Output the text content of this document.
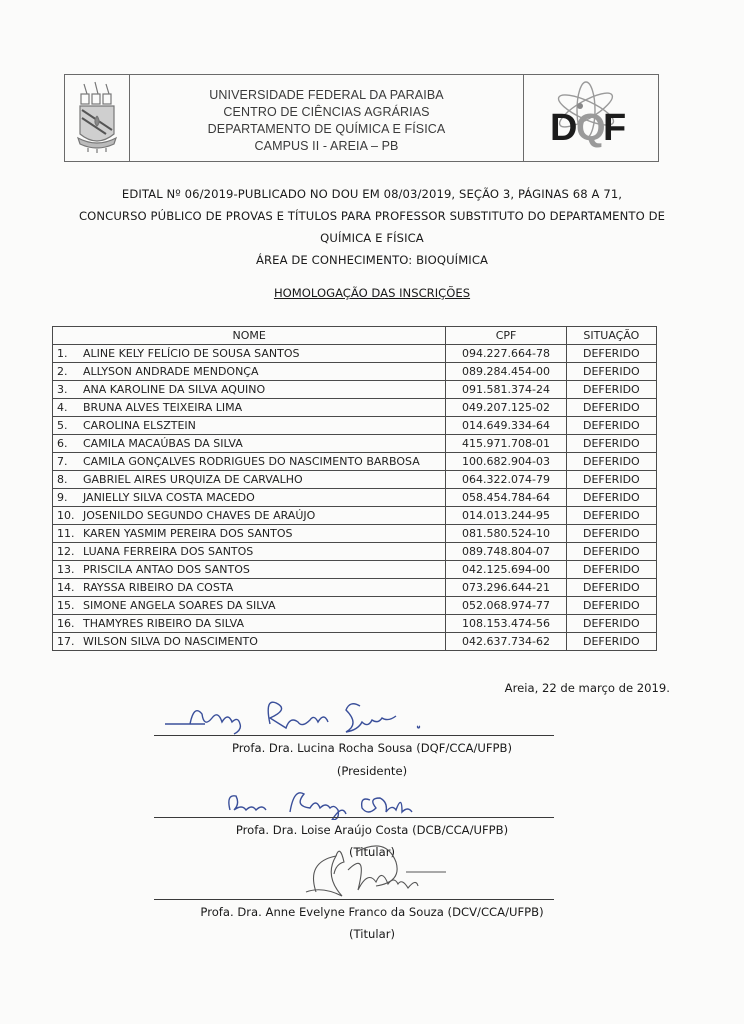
UNIVERSIDADE FEDERAL DA PARAIBA
CENTRO DE CIÊNCIAS AGRÁRIAS
DEPARTAMENTO DE QUÍMICA E FÍSICA
CAMPUS II - AREIA – PB	D
Q
F
EDITAL Nº 06/2019-PUBLICADO NO DOU EM 08/03/2019, SEÇÃO 3, PÁGINAS 68 A 71,
CONCURSO PÚBLICO DE PROVAS E TÍTULOS PARA PROFESSOR SUBSTITUTO DO DEPARTAMENTO DE
QUÍMICA E FÍSICA
ÁREA DE CONHECIMENTO: BIOQUÍMICA
HOMOLOGAÇÃO DAS INSCRIÇÕES
NOME	CPF	SITUAÇÃO
1. ALINE KELY FELÍCIO DE SOUSA SANTOS	094.227.664-78	DEFERIDO
2. ALLYSON ANDRADE MENDONÇA	089.284.454-00	DEFERIDO
3. ANA KAROLINE DA SILVA AQUINO	091.581.374-24	DEFERIDO
4. BRUNA ALVES TEIXEIRA LIMA	049.207.125-02	DEFERIDO
5. CAROLINA ELSZTEIN	014.649.334-64	DEFERIDO
6. CAMILA MACAÚBAS DA SILVA	415.971.708-01	DEFERIDO
7. CAMILA GONÇALVES RODRIGUES DO NASCIMENTO BARBOSA	100.682.904-03	DEFERIDO
8. GABRIEL AIRES URQUIZA DE CARVALHO	064.322.074-79	DEFERIDO
9. JANIELLY SILVA COSTA MACEDO	058.454.784-64	DEFERIDO
10. JOSENILDO SEGUNDO CHAVES DE ARAÚJO	014.013.244-95	DEFERIDO
11. KAREN YASMIM PEREIRA DOS SANTOS	081.580.524-10	DEFERIDO
12. LUANA FERREIRA DOS SANTOS	089.748.804-07	DEFERIDO
13. PRISCILA ANTAO DOS SANTOS	042.125.694-00	DEFERIDO
14. RAYSSA RIBEIRO DA COSTA	073.296.644-21	DEFERIDO
15. SIMONE ANGELA SOARES DA SILVA	052.068.974-77	DEFERIDO
16. THAMYRES RIBEIRO DA SILVA	108.153.474-56	DEFERIDO
17. WILSON SILVA DO NASCIMENTO	042.637.734-62	DEFERIDO
Areia, 22 de março de 2019.
Profa. Dra. Lucina Rocha Sousa (DQF/CCA/UFPB)
(Presidente)
Profa. Dra. Loise Araújo Costa (DCB/CCA/UFPB)
(Titular)
Profa. Dra. Anne Evelyne Franco da Souza (DCV/CCA/UFPB)
(Titular)
